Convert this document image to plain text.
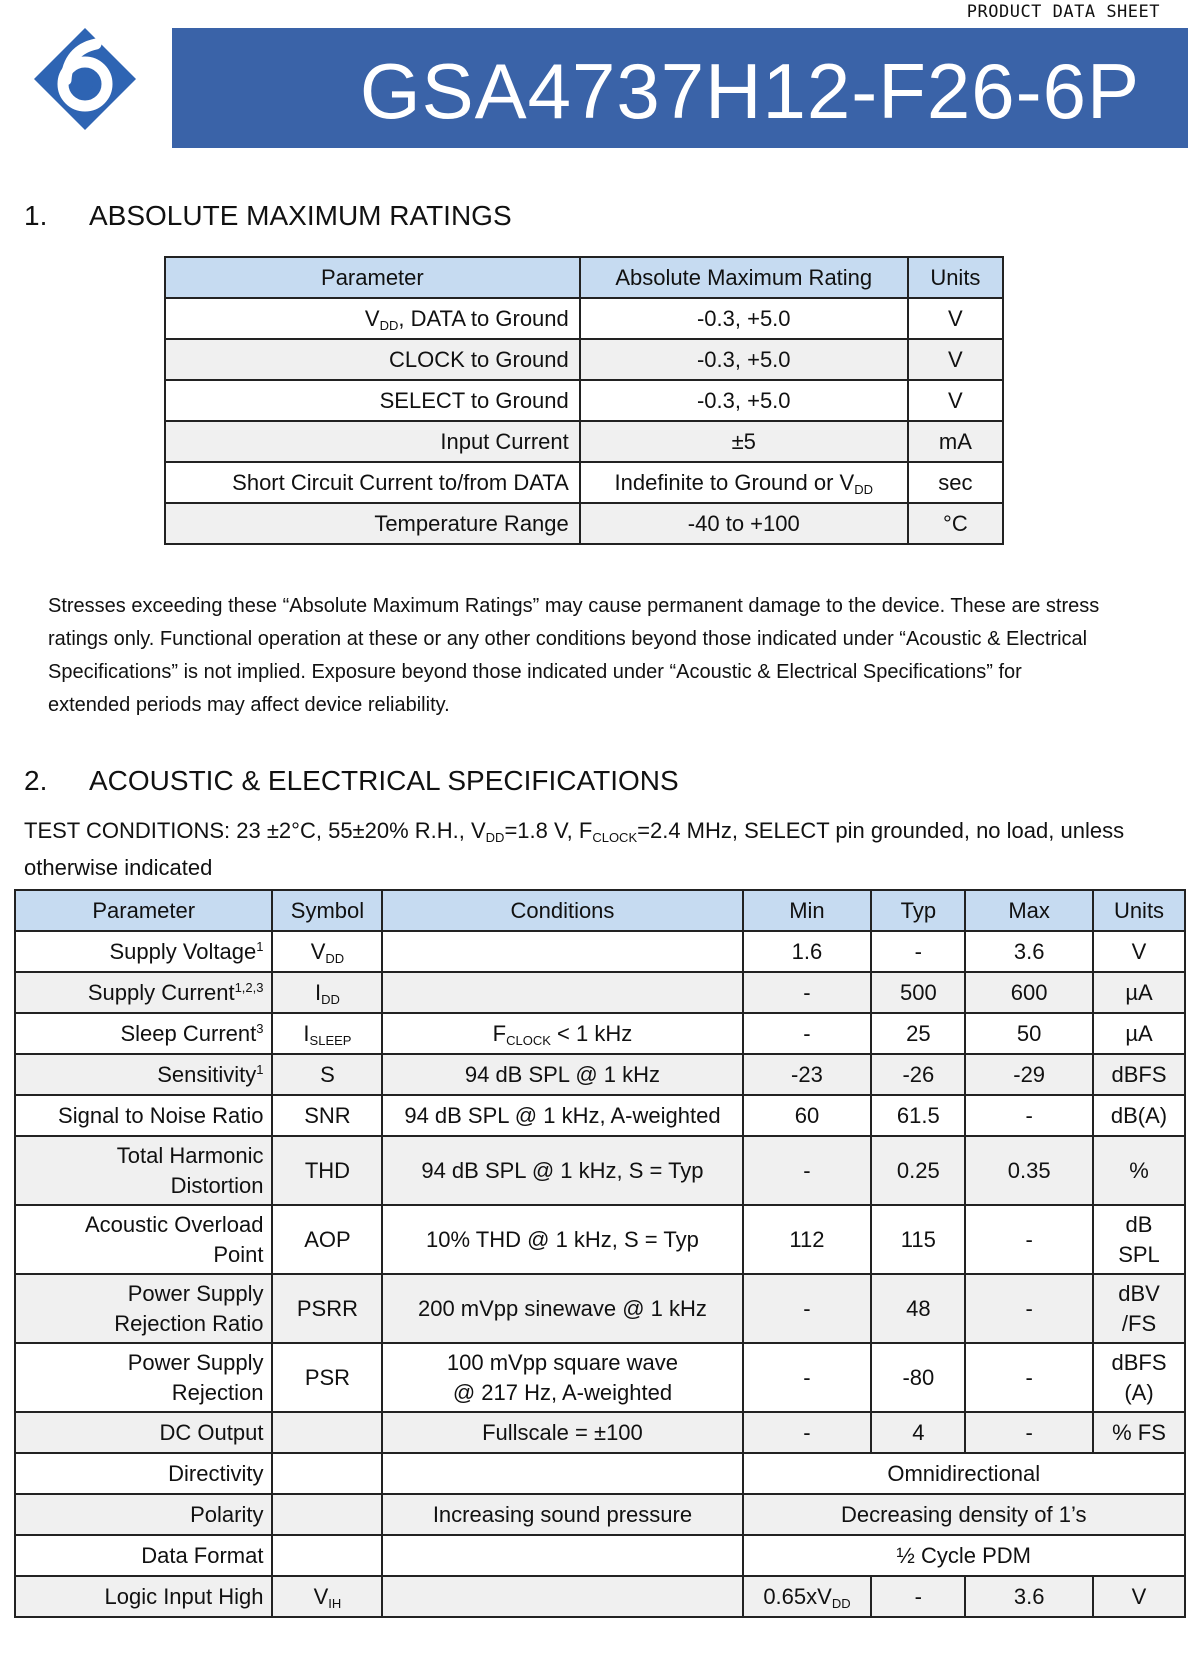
PRODUCT DATA SHEET
GSA4737H12-F26-6P
1. ABSOLUTE MAXIMUM RATINGS
Parameter	Absolute Maximum Rating	Units
$V_{DD}$, DATA to Ground	-0.3, +5.0	V
CLOCK to Ground	-0.3, +5.0	V
SELECT to Ground	-0.3, +5.0	V
Input Current	±5	mA
Short Circuit Current to/from DATA	Indefinite to Ground or $V_{DD}$	sec
Temperature Range	-40 to +100	°C
Stresses exceeding these “Absolute Maximum Ratings” may cause permanent damage to the device. These are stress ratings only. Functional operation at these or any other conditions beyond those indicated under “Acoustic & Electrical Specifications” is not implied. Exposure beyond those indicated under “Acoustic & Electrical Specifications” for extended periods may affect device reliability.
2. ACOUSTIC & ELECTRICAL SPECIFICATIONS
TEST CONDITIONS: 23 ±2°C, 55±20% R.H., $V_{DD}=1.8$ V, $F_{CLOCK}=2.4$ MHz, SELECT pin grounded, no load, unless otherwise indicated
Parameter	Symbol	Conditions	Min	Typ	Max	Units
Supply Voltage$^1$	$V_{DD}$		1.6	-	3.6	V
Supply Current$^{1,2,3}$	$I_{DD}$		-	500	600	µA
Sleep Current$^3$	$I_{SLEEP}$	$F_{CLOCK} < 1$ kHz	-	25	50	µA
Sensitivity$^1$	S	94 dB SPL @ 1 kHz	-23	-26	-29	dBFS
Signal to Noise Ratio	SNR	94 dB SPL @ 1 kHz, A-weighted	60	61.5	-	dB(A)
Total Harmonic
Distortion	THD	94 dB SPL @ 1 kHz, S = Typ	-	0.25	0.35	%
Acoustic Overload
Point	AOP	10% THD @ 1 kHz, S = Typ	112	115	-	dB
SPL
Power Supply
Rejection Ratio	PSRR	200 mVpp sinewave @ 1 kHz	-	48	-	dBV
/FS
Power Supply
Rejection	PSR	100 mVpp square wave
@ 217 Hz, A-weighted	-	-80	-	dBFS
(A)
DC Output		Fullscale = ±100	-	4	-	% FS
Directivity			Omnidirectional			
Polarity		Increasing sound pressure	Decreasing density of 1’s			
Data Format			½ Cycle PDM			
Logic Input High	$V_{IH}$		$0.65xV_{DD}$	-	3.6	V
